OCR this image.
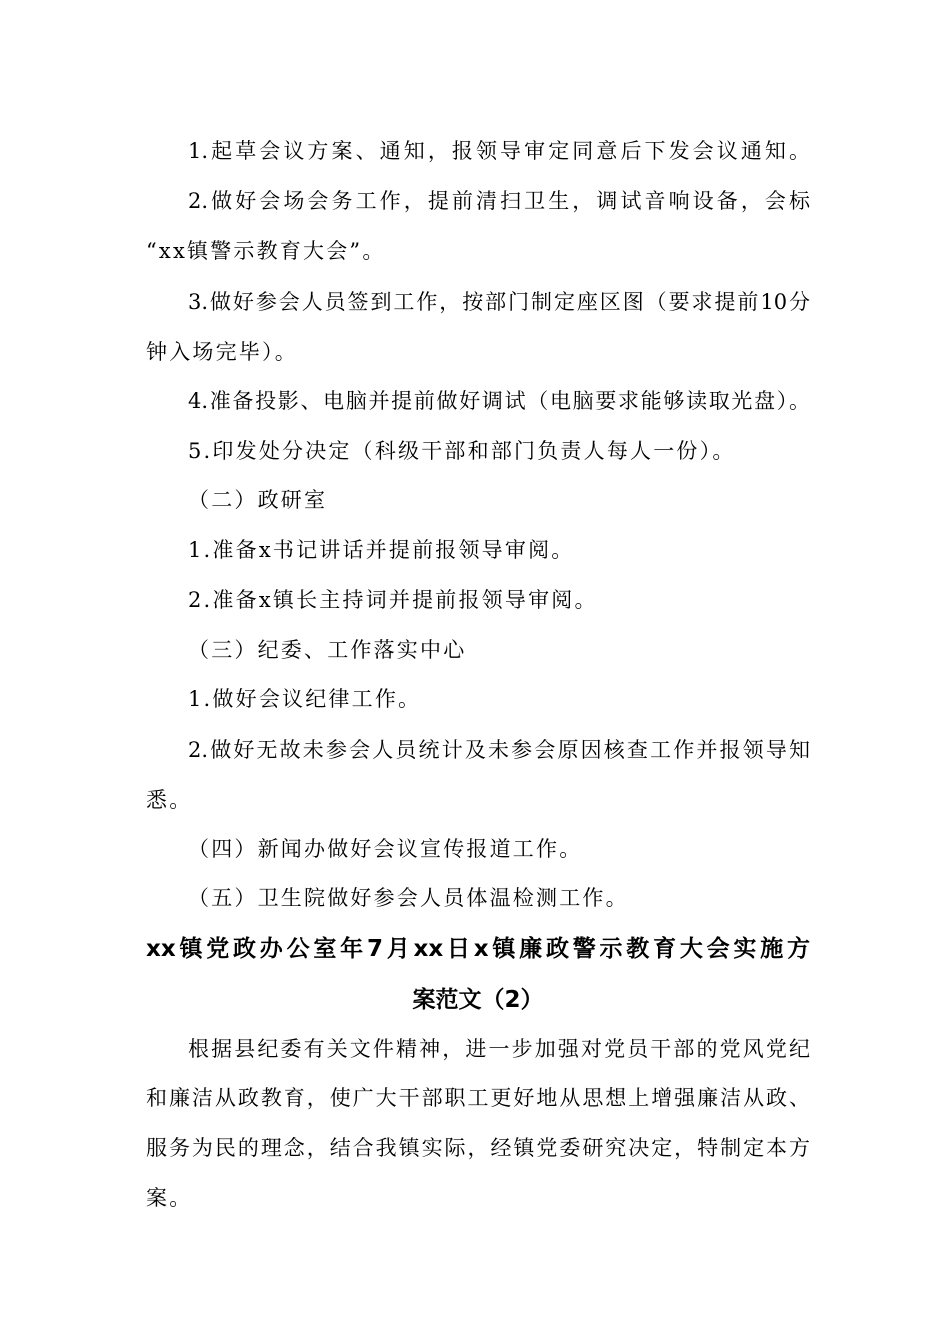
1.起草会议方案、通知，报领导审定同意后下发会议通知。
2.做好会场会务工作，提前清扫卫生，调试音响设备，会标
“xx镇警示教育大会”。
3.做好参会人员签到工作，按部门制定座区图（要求提前10分
钟入场完毕）。
4.准备投影、电脑并提前做好调试（电脑要求能够读取光盘）。
5.印发处分决定（科级干部和部门负责人每人一份）。
（二）政研室
1.准备x书记讲话并提前报领导审阅。
2.准备x镇长主持词并提前报领导审阅。
（三）纪委、工作落实中心
1.做好会议纪律工作。
2.做好无故未参会人员统计及未参会原因核查工作并报领导知
悉。
（四）新闻办做好会议宣传报道工作。
（五）卫生院做好参会人员体温检测工作。
xx镇党政办公室年7月xx日x镇廉政警示教育大会实施方
案范文（2）
根据县纪委有关文件精神，进一步加强对党员干部的党风党纪
和廉洁从政教育，使广大干部职工更好地从思想上增强廉洁从政、
服务为民的理念，结合我镇实际，经镇党委研究决定，特制定本方
案。
